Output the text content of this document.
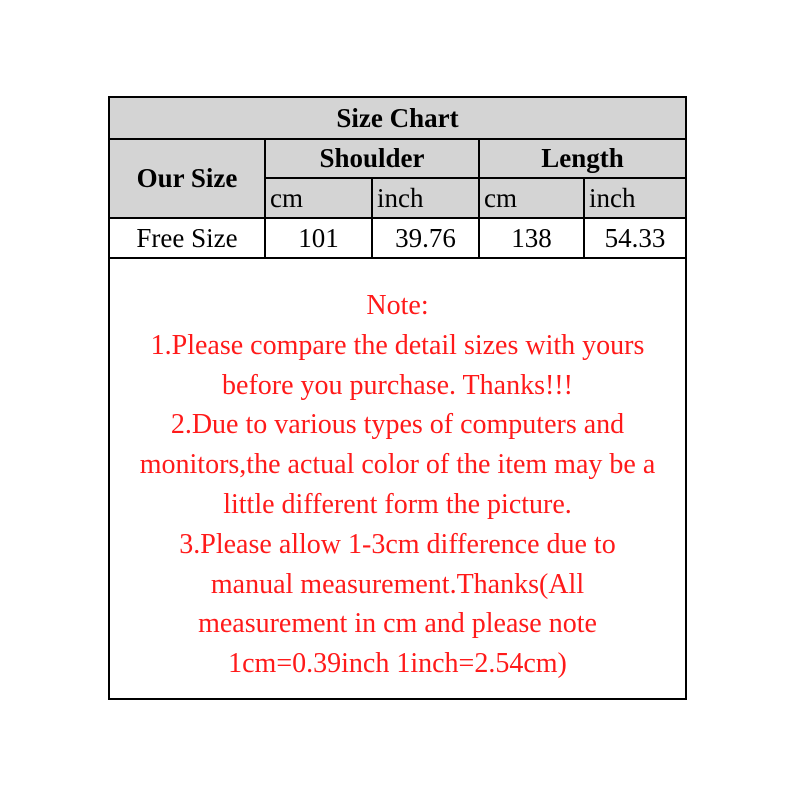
Size Chart				
Our Size	Shoulder		Length	
	cm	inch	cm	inch
Free Size	101	39.76	138	54.33
Note:
1.Please compare the detail sizes with yours
before you purchase. Thanks!!!
2.Due to various types of computers and
monitors,the actual color of the item may be a
little different form the picture.
3.Please allow 1-3cm difference due to
manual measurement.Thanks(All
measurement in cm and please note
1cm=0.39inch 1inch=2.54cm)
